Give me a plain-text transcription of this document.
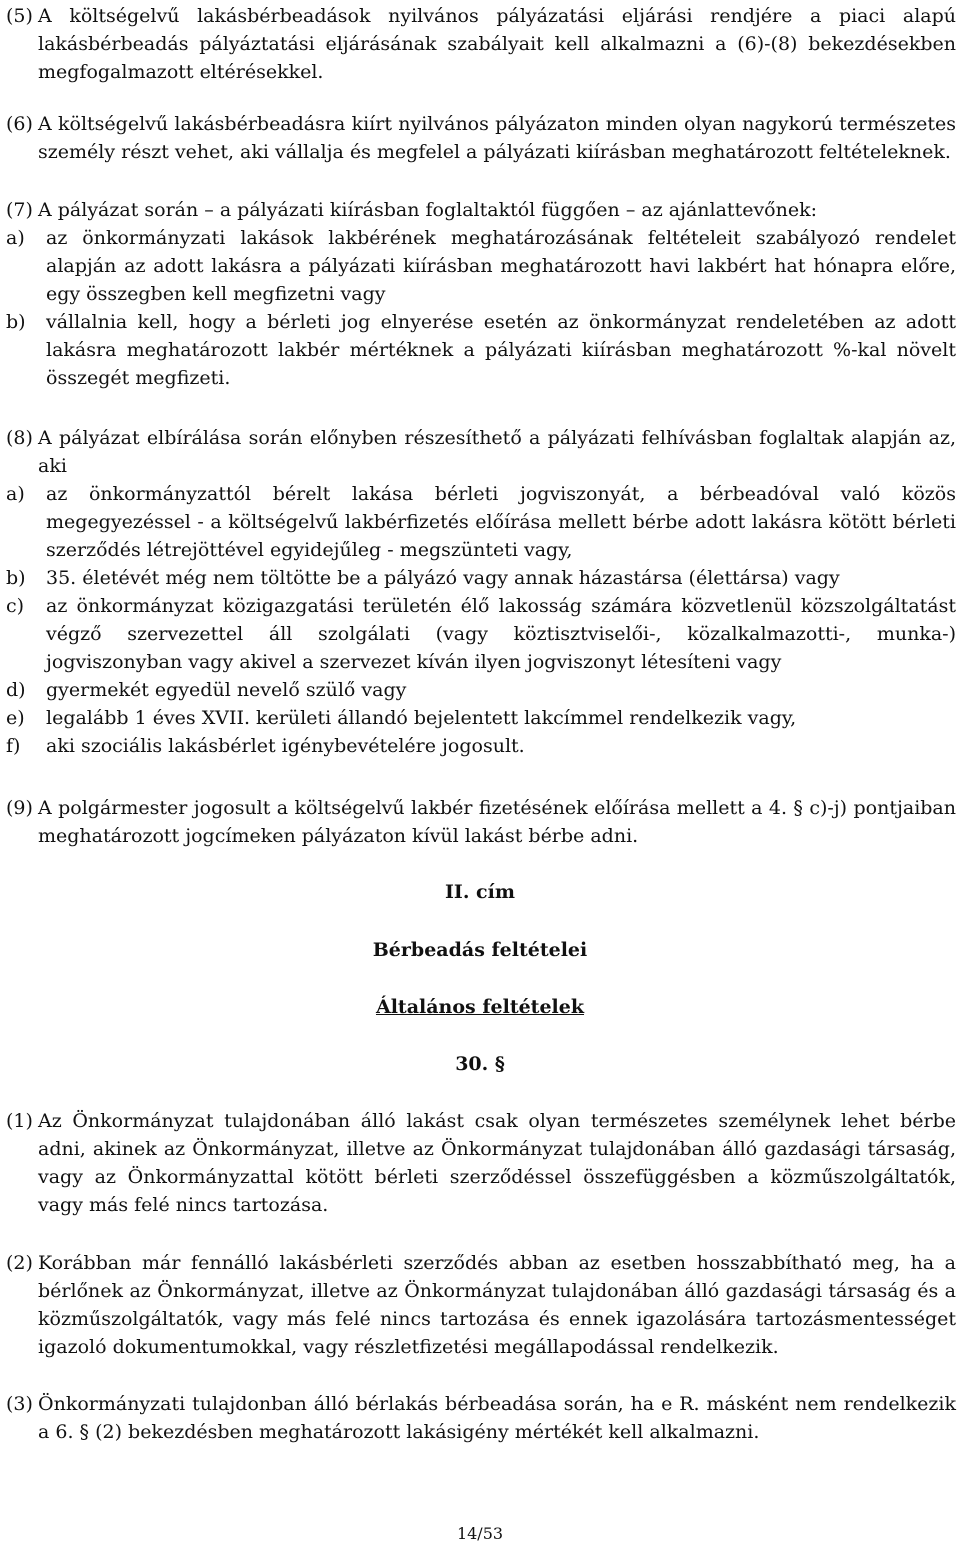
(5) A költségelvű lakásbérbeadások nyilvános pályázatási eljárási rendjére a piaci alapú lakásbérbeadás pályáztatási eljárásának szabályait kell alkalmazni a (6)-(8) bekezdésekben megfogalmazott eltérésekkel.
(6) A költségelvű lakásbérbeadásra kiírt nyilvános pályázaton minden olyan nagykorú természetes személy részt vehet, aki vállalja és megfelel a pályázati kiírásban meghatározott feltételeknek.
(7) A pályázat során – a pályázati kiírásban foglaltaktól függően – az ajánlattevőnek:
a)	az önkormányzati lakások lakbérének meghatározásának feltételeit szabályozó rendelet alapján az adott lakásra a pályázati kiírásban meghatározott havi lakbért hat hónapra előre, egy összegben kell megfizetni vagy
b)	vállalnia kell, hogy a bérleti jog elnyerése esetén az önkormányzat rendeletében az adott lakásra meghatározott lakbér mértéknek a pályázati kiírásban meghatározott %-kal növelt összegét megfizeti.
(8) A pályázat elbírálása során előnyben részesíthető a pályázati felhívásban foglaltak alapján az, aki
a)	az önkormányzattól bérelt lakása bérleti jogviszonyát, a bérbeadóval való közös megegyezéssel - a költségelvű lakbérfizetés előírása mellett bérbe adott lakásra kötött bérleti szerződés létrejöttével egyidejűleg - megszünteti vagy,
b)	35. életévét még nem töltötte be a pályázó vagy annak házastársa (élettársa) vagy
c)	az önkormányzat közigazgatási területén élő lakosság számára közvetlenül közszolgáltatást végző szervezettel áll szolgálati (vagy köztisztviselői-, közalkalmazotti-, munka-) jogviszonyban vagy akivel a szervezet kíván ilyen jogviszonyt létesíteni vagy
d)	gyermekét egyedül nevelő szülő vagy
e)	legalább 1 éves XVII. kerületi állandó bejelentett lakcímmel rendelkezik vagy,
f)	aki szociális lakásbérlet igénybevételére jogosult.
(9) A polgármester jogosult a költségelvű lakbér fizetésének előírása mellett a 4. § c)-j) pontjaiban meghatározott jogcímeken pályázaton kívül lakást bérbe adni.
II. cím
Bérbeadás feltételei
Általános feltételek
30. §
(1) Az Önkormányzat tulajdonában álló lakást csak olyan természetes személynek lehet bérbe adni, akinek az Önkormányzat, illetve az Önkormányzat tulajdonában álló gazdasági társaság, vagy az Önkormányzattal kötött bérleti szerződéssel összefüggésben a közműszolgáltatók, vagy más felé nincs tartozása.
(2) Korábban már fennálló lakásbérleti szerződés abban az esetben hosszabbítható meg, ha a bérlőnek az Önkormányzat, illetve az Önkormányzat tulajdonában álló gazdasági társaság és a közműszolgáltatók, vagy más felé nincs tartozása és ennek igazolására tartozásmentességet igazoló dokumentumokkal, vagy részletfizetési megállapodással rendelkezik.
(3) Önkormányzati tulajdonban álló bérlakás bérbeadása során, ha e R. másként nem rendelkezik a 6. § (2) bekezdésben meghatározott lakásigény mértékét kell alkalmazni.
14/53
